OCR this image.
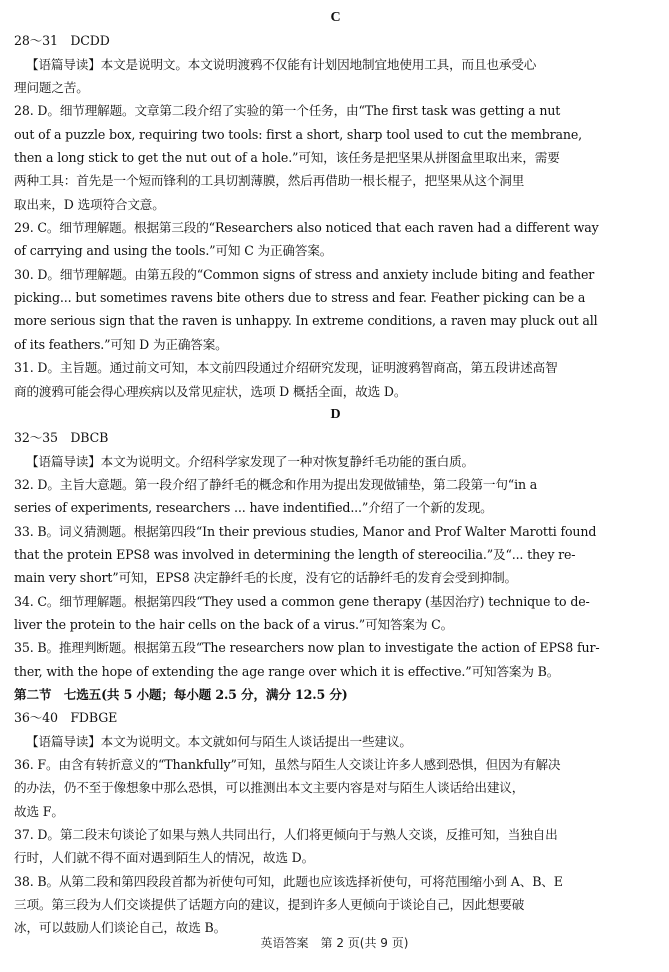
C
28～31　DCDD
【语篇导读】本文是说明文。本文说明渡鸦不仅能有计划因地制宜地使用工具，而且也承受心
理问题之苦。
28. D。细节理解题。文章第二段介绍了实验的第一个任务，由“The first task was getting a nut
out of a puzzle box, requiring two tools: first a short, sharp tool used to cut the membrane,
then a long stick to get the nut out of a hole.”可知，该任务是把坚果从拼图盒里取出来，需要
两种工具：首先是一个短而锋利的工具切割薄膜，然后再借助一根长棍子，把坚果从这个洞里
取出来，D 选项符合文意。
29. C。细节理解题。根据第三段的“Researchers also noticed that each raven had a different way
of carrying and using the tools.”可知 C 为正确答案。
30. D。细节理解题。由第五段的“Common signs of stress and anxiety include biting and feather
picking... but sometimes ravens bite others due to stress and fear. Feather picking can be a
more serious sign that the raven is unhappy. In extreme conditions, a raven may pluck out all
of its feathers.”可知 D 为正确答案。
31. D。主旨题。通过前文可知，本文前四段通过介绍研究发现，证明渡鸦智商高，第五段讲述高智
商的渡鸦可能会得心理疾病以及常见症状，选项 D 概括全面，故选 D。
D
32～35　DBCB
【语篇导读】本文为说明文。介绍科学家发现了一种对恢复静纤毛功能的蛋白质。
32. D。主旨大意题。第一段介绍了静纤毛的概念和作用为提出发现做铺垫，第二段第一句“in a
series of experiments, researchers ... have indentified...”介绍了一个新的发现。
33. B。词义猜测题。根据第四段“In their previous studies, Manor and Prof Walter Marotti found
that the protein EPS8 was involved in determining the length of stereocilia.”及“... they re-
main very short”可知，EPS8 决定静纤毛的长度，没有它的话静纤毛的发育会受到抑制。
34. C。细节理解题。根据第四段“They used a common gene therapy (基因治疗) technique to de-
liver the protein to the hair cells on the back of a virus.”可知答案为 C。
35. B。推理判断题。根据第五段“The researchers now plan to investigate the action of EPS8 fur-
ther, with the hope of extending the age range over which it is effective.”可知答案为 B。
第二节　七选五(共 5 小题；每小题 2.5 分，满分 12.5 分)
36～40　FDBGE
【语篇导读】本文为说明文。本文就如何与陌生人谈话提出一些建议。
36. F。由含有转折意义的“Thankfully”可知，虽然与陌生人交谈让许多人感到恐惧，但因为有解决
的办法，仍不至于像想象中那么恐惧，可以推测出本文主要内容是对与陌生人谈话给出建议，
故选 F。
37. D。第二段末句谈论了如果与熟人共同出行，人们将更倾向于与熟人交谈，反推可知，当独自出
行时，人们就不得不面对遇到陌生人的情况，故选 D。
38. B。从第二段和第四段段首都为祈使句可知，此题也应该选择祈使句，可将范围缩小到 A、B、E
三项。第三段为人们交谈提供了话题方向的建议，提到许多人更倾向于谈论自己，因此想要破
冰，可以鼓励人们谈论自己，故选 B。
英语答案　第 2 页(共 9 页)
